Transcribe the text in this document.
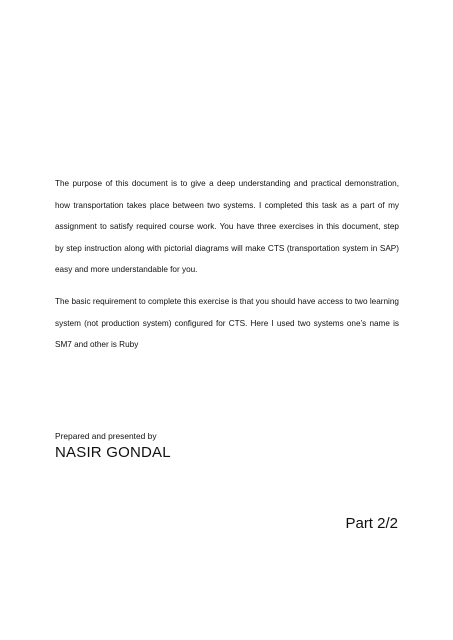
The purpose of this document is to give a deep understanding and practical demonstration, how transportation takes place between two systems. I completed this task as a part of my assignment to satisfy required course work. You have three exercises in this document, step by step instruction along with pictorial diagrams will make CTS (transportation system in SAP) easy and more understandable for you.

The basic requirement to complete this exercise is that you should have access to two learning system (not production system) configured for CTS. Here I used two systems one’s name is SM7 and other is Ruby

Prepared and presented by

NASIR GONDAL

Part 2/2
